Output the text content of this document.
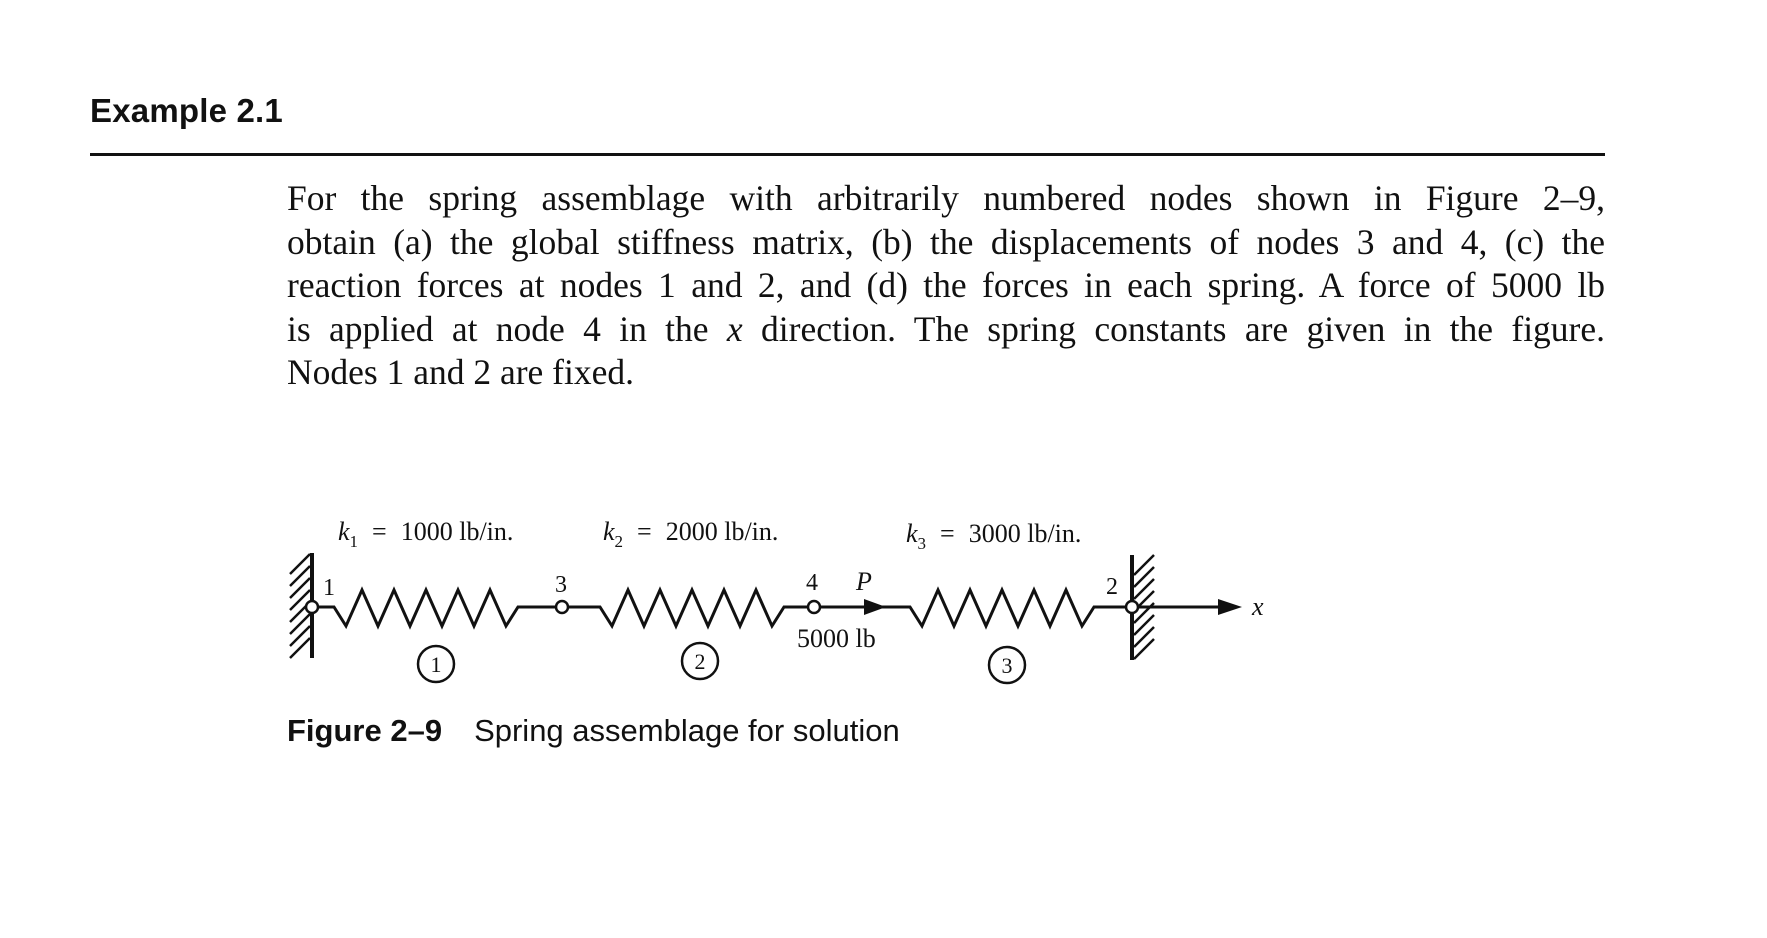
Example 2.1
For the spring assemblage with arbitrarily numbered nodes shown in Figure 2–9,
obtain (a) the global stiffness matrix, (b) the displacements of nodes 3 and 4, (c) the
reaction forces at nodes 1 and 2, and (d) the forces in each spring. A force of 5000 lb
is applied at node 4 in the x direction. The spring constants are given in the figure.
Nodes 1 and 2 are fixed.
$k_1 = 1000$ lb/in.	$k_2 = 2000$ lb/in.	$k_3 = 3000$ lb/in.
1	3	4	2
P
5000 lb
x
1	2	3
Figure 2–9 Spring assemblage for solution
